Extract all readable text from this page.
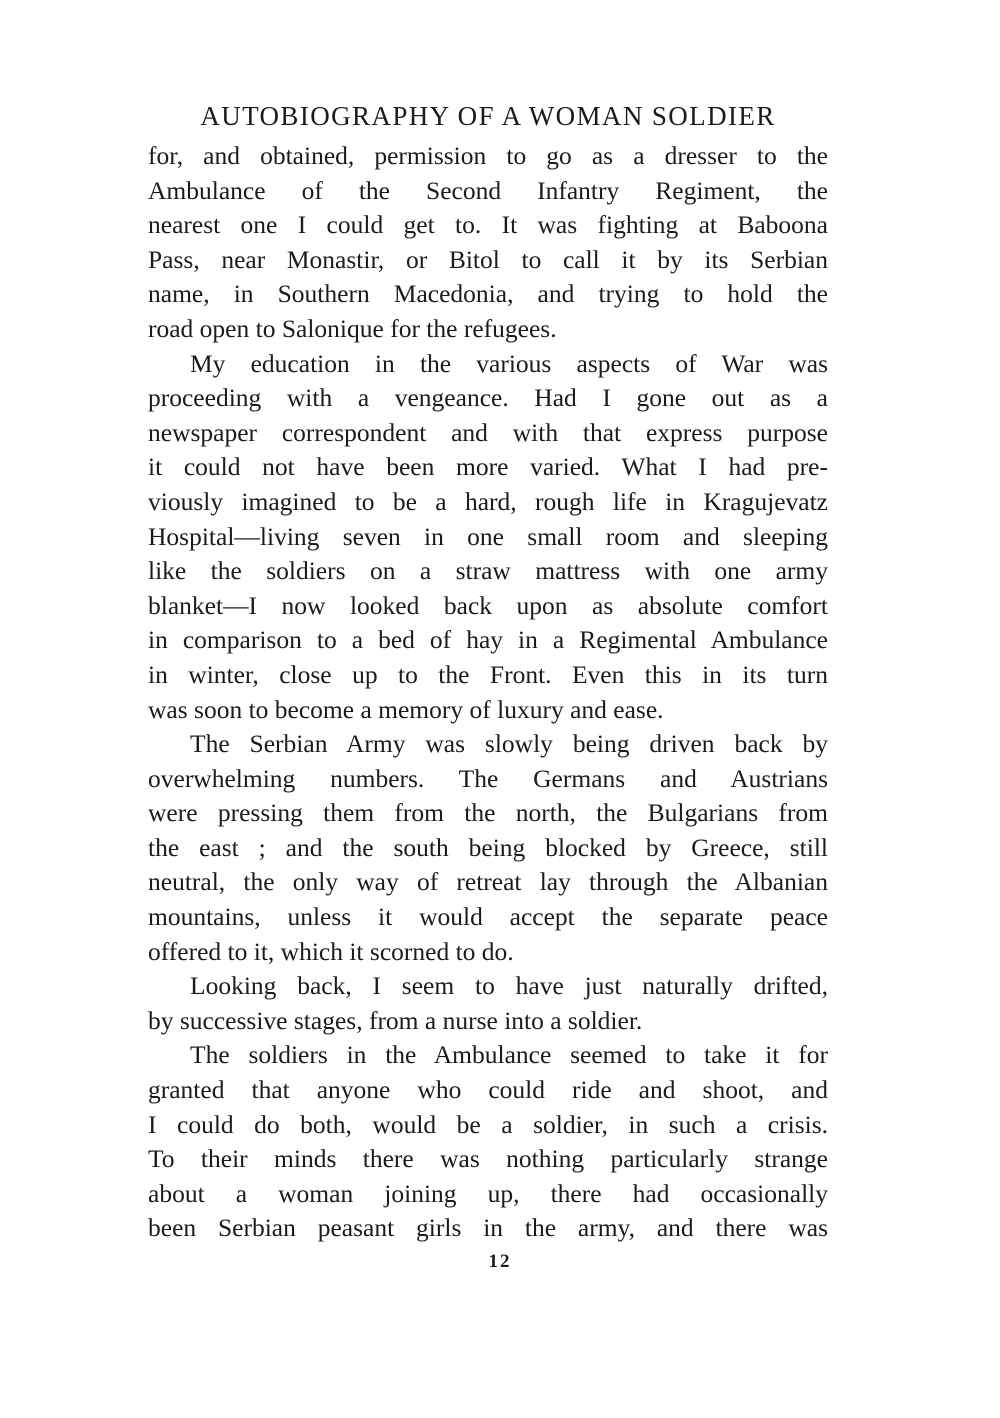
AUTOBIOGRAPHY OF A WOMAN SOLDIER
for, and obtained, permission to go as a dresser to the
Ambulance of the Second Infantry Regiment, the
nearest one I could get to. It was fighting at Baboona
Pass, near Monastir, or Bitol to call it by its Serbian
name, in Southern Macedonia, and trying to hold the
road open to Salonique for the refugees.
My education in the various aspects of War was
proceeding with a vengeance. Had I gone out as a
newspaper correspondent and with that express purpose
it could not have been more varied. What I had pre-
viously imagined to be a hard, rough life in Kragujevatz
Hospital—living seven in one small room and sleeping
like the soldiers on a straw mattress with one army
blanket—I now looked back upon as absolute comfort
in comparison to a bed of hay in a Regimental Ambulance
in winter, close up to the Front. Even this in its turn
was soon to become a memory of luxury and ease.
The Serbian Army was slowly being driven back by
overwhelming numbers. The Germans and Austrians
were pressing them from the north, the Bulgarians from
the east ; and the south being blocked by Greece, still
neutral, the only way of retreat lay through the Albanian
mountains, unless it would accept the separate peace
offered to it, which it scorned to do.
Looking back, I seem to have just naturally drifted,
by successive stages, from a nurse into a soldier.
The soldiers in the Ambulance seemed to take it for
granted that anyone who could ride and shoot, and
I could do both, would be a soldier, in such a crisis.
To their minds there was nothing particularly strange
about a woman joining up, there had occasionally
been Serbian peasant girls in the army, and there was
12
